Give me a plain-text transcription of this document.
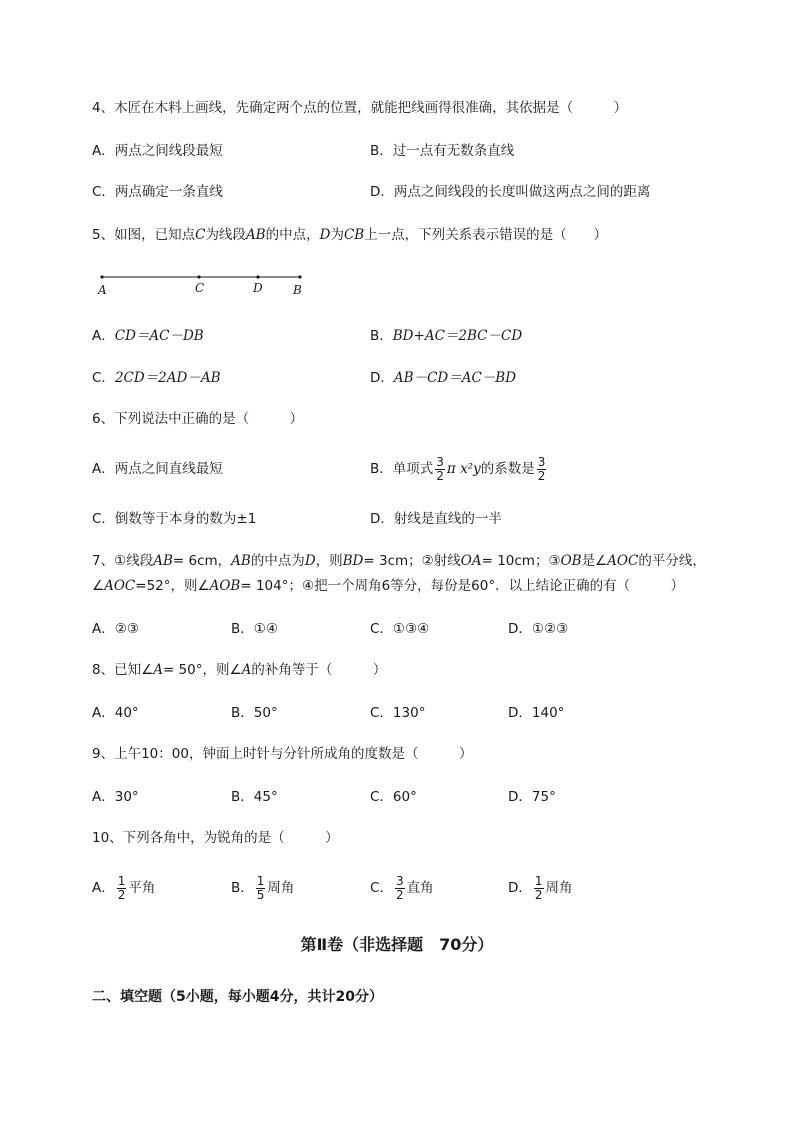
4、木匠在木料上画线，先确定两个点的位置，就能把线画得很准确，其依据是（　　　）
A．两点之间线段最短	B．过一点有无数条直线
C．两点确定一条直线	D．两点之间线段的长度叫做这两点之间的距离
5、如图，已知点C为线段AB的中点，D为CB上一点，下列关系表示错误的是（　　）
A	C	D	B
A．CD＝AC－DB	B．BD+AC＝2BC－CD
C．2CD＝2AD－AB	D．AB－CD＝AC－BD
6、下列说法中正确的是（　　　）
A．两点之间直线最短	B．单项式 $\frac{3}{2}$ π x²y的系数是 $\frac{3}{2}$
C．倒数等于本身的数为±1	D．射线是直线的一半
7、①线段AB= 6cm，AB的中点为D，则BD= 3cm；②射线OA= 10cm；③OB是∠AOC的平分线，
∠AOC=52°，则∠AOB= 104°；④把一个周角6等分，每份是60°．以上结论正确的有（　　　）
A．②③	B．①④	C．①③④	D．①②③
8、已知∠A= 50°，则∠A的补角等于（　　　）
A．40°	B．50°	C．130°	D．140°
9、上午10：00，钟面上时针与分针所成角的度数是（　　　）
A．30°	B．45°	C．60°	D．75°
10、下列各角中，为锐角的是（　　　）
A． $\frac{1}{2}$ 平角	B． $\frac{1}{5}$ 周角	C． $\frac{3}{2}$ 直角	D． $\frac{1}{2}$ 周角
第Ⅱ卷（非选择题　70分）
二、填空题（5小题，每小题4分，共计20分）
